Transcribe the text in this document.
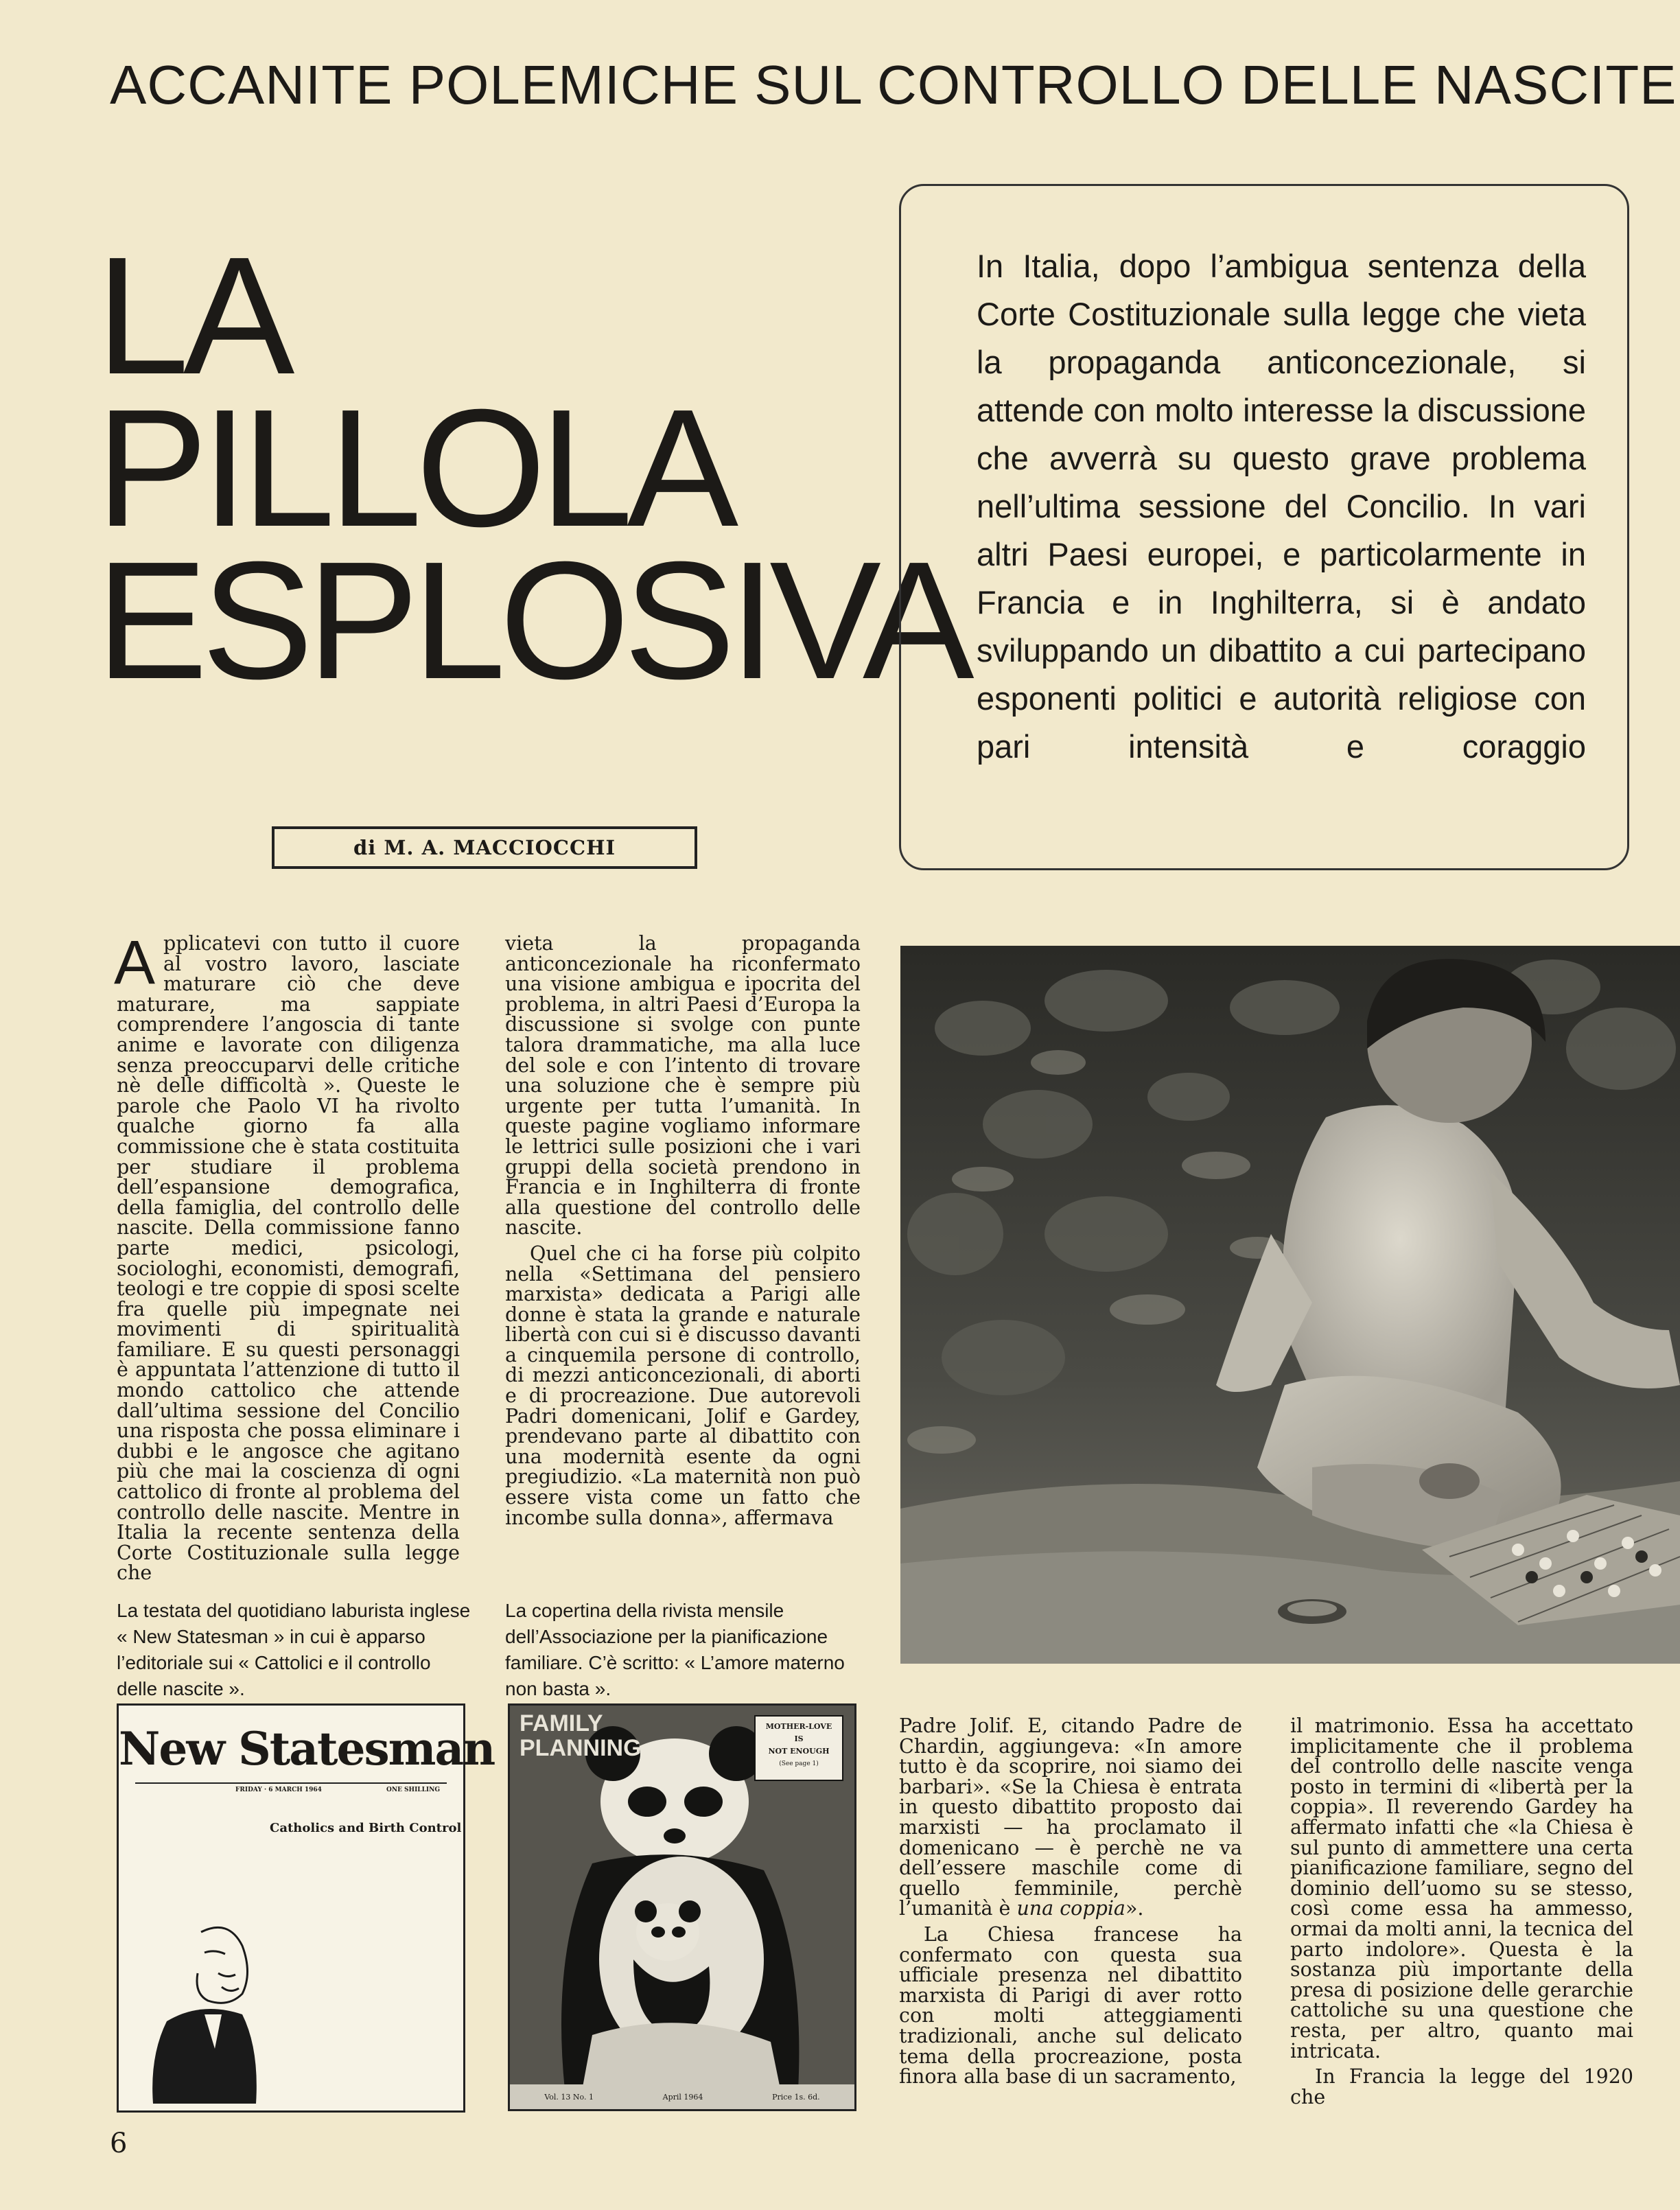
ACCANITE POLEMICHE SUL CONTROLLO DELLE NASCITE
LA
PILLOLA
ESPLOSIVA
di M. A. MACCIOCCHI
In Italia, dopo l’ambigua sentenza della Corte Costituzionale sulla legge che vieta la propaganda anticoncezionale, si attende con molto interesse la discussione che avverrà su questo grave problema nell’ultima sessione del Concilio. In vari altri Paesi europei, e particolarmente in Francia e in Inghilterra, si è andato sviluppando un dibattito a cui partecipano esponenti politici e autorità religiose con pari intensità e coraggio

Applicatevi con tutto il cuore al vostro lavoro, lasciate maturare ciò che deve maturare, ma sappiate comprendere l’angoscia di tante anime e lavorate con diligenza senza preoccuparvi delle critiche nè delle difficoltà ». Queste le parole che Paolo VI ha rivolto qualche giorno fa alla commissione che è stata costituita per studiare il problema dell’espansione demografica, della famiglia, del controllo delle nascite. Della commissione fanno parte medici, psicologi, sociologhi, economisti, demografi, teologi e tre coppie di sposi scelte fra quelle più impegnate nei movimenti di spiritualità familiare. E su questi personaggi è appuntata l’attenzione di tutto il mondo cattolico che attende dall’ultima sessione del Concilio una risposta che possa eliminare i dubbi e le angosce che agitano più che mai la coscienza di ogni cattolico di fronte al problema del controllo delle nascite. Mentre in Italia la recente sentenza della Corte Costituzionale sulla legge che

vieta la propaganda anticoncezionale ha riconfermato una visione ambigua e ipocrita del problema, in altri Paesi d’Europa la discussione si svolge con punte talora drammatiche, ma alla luce del sole e con l’intento di trovare una soluzione che è sempre più urgente per tutta l’umanità. In queste pagine vogliamo informare le lettrici sulle posizioni che i vari gruppi della società prendono in Francia e in Inghilterra di fronte alla questione del controllo delle nascite.

Quel che ci ha forse più colpito nella «Settimana del pensiero marxista» dedicata a Parigi alle donne è stata la grande e naturale libertà con cui si è discusso davanti a cinquemila persone di controllo, di mezzi anticoncezionali, di aborti e di procreazione. Due autorevoli Padri domenicani, Jolif e Gardey, prendevano parte al dibattito con una modernità esente da ogni pregiudizio. «La maternità non può essere vista come un fatto che incombe sulla donna», affermava

La testata del quotidiano laburista inglese « New Statesman » in cui è apparso l’editoriale sui « Cattolici e il controllo delle nascite ».
La copertina della rivista mensile dell’Associazione per la pianificazione familiare. C’è scritto: « L’amore materno non basta ».
New Statesman
FRIDAY · 6 MARCH 1964	ONE SHILLING
Catholics and Birth Control
FAMILY
PLANNING
MOTHER-LOVE
IS
NOT ENOUGH
(See page 1)
Vol. 13 No. 1	April 1964	Price 1s. 6d.

Padre Jolif. E, citando Padre de Chardin, aggiungeva: «In amore tutto è da scoprire, noi siamo dei barbari». «Se la Chiesa è entrata in questo dibattito proposto dai marxisti — ha proclamato il domenicano — è perchè ne va dell’essere maschile come di quello femminile, perchè l’umanità è una coppia».

La Chiesa francese ha confermato con questa sua ufficiale presenza nel dibattito marxista di Parigi di aver rotto con molti atteggiamenti tradizionali, anche sul delicato tema della procreazione, posta finora alla base di un sacramento,

il matrimonio. Essa ha accettato implicitamente che il problema del controllo delle nascite venga posto in termini di «libertà per la coppia». Il reverendo Gardey ha affermato infatti che «la Chiesa è sul punto di ammettere una certa pianificazione familiare, segno del dominio dell’uomo su se stesso, così come essa ha ammesso, ormai da molti anni, la tecnica del parto indolore». Questa è la sostanza più importante della presa di posizione delle gerarchie cattoliche su una questione che resta, per altro, quanto mai intricata.

In Francia la legge del 1920 che

6
